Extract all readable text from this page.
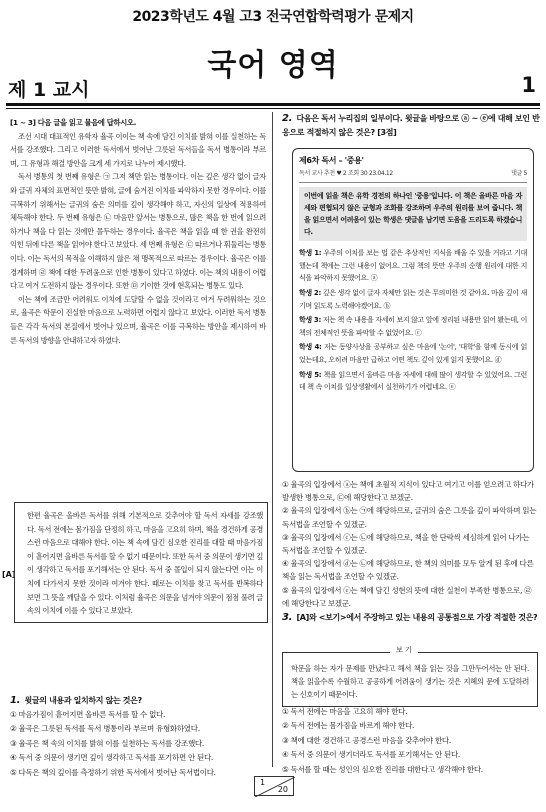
2023학년도 4월 고3 전국연합학력평가 문제지
국어 영역
제 1 교시	1

[1 ~ 3] 다음 글을 읽고 물음에 답하시오.

조선 시대 대표적인 유학자 율곡 이이는 책 속에 담긴 이치를 밝혀 이를 실천하는 독서를 강조했다. 그리고 이러한 독서에서 벗어난 그릇된 독서들을 독서 병통이라 부르며, 그 유형과 해결 방안을 크게 세 가지로 나누어 제시했다.

독서 병통의 첫 번째 유형은 ㉠ 그저 책만 읽는 병통이다. 이는 깊은 생각 없이 글자와 글귀 자체의 표면적인 뜻만 밝혀, 글에 숨겨진 이치를 파악하지 못한 경우이다. 이를 극복하기 위해서는 글귀의 숨은 의미를 깊이 생각해야 하고, 자신의 일상에 적용하여 체득해야 한다. 두 번째 유형은 ㉡ 마음만 앞서는 병통으로, 많은 책을 한 번에 읽으려 하거나 책을 다 읽는 것에만 몰두하는 경우이다. 율곡은 책을 읽을 때 한 권을 완전히 익힌 뒤에 다른 책을 읽어야 한다고 보았다. 세 번째 유형은 ㉢ 따르거나 휘둘리는 병통이다. 이는 독서의 목적을 이해하지 않은 채 맹목적으로 따르는 경우이다. 율곡은 이를 경계하며 ㉣ 책에 대한 두려움으로 인한 병통이 있다고 하였다. 이는 책의 내용이 어렵다고 여겨 도전하지 않는 경우이다. 또한 ㉤ 기이한 것에 현혹되는 병통도 있다.

이는 책에 조금만 어려워도 이치에 도달할 수 없을 것이라고 여겨 두려워하는 것으로, 율곡은 학문이 진실한 마음으로 노력하면 어렵지 않다고 보았다. 이러한 독서 병통들은 각각 독서의 본질에서 벗어나 있으며, 율곡은 이를 극복하는 방안을 제시하여 바른 독서의 방향을 안내하고자 하였다.

[A]
한편 율곡은 올바른 독서를 위해 기본적으로 갖추어야 할 독서 자세를 강조했다. 독서 전에는 몸가짐을 단정히 하고, 마음을 고요히 하며, 책을 경건하게 공경스런 마음으로 대해야 한다. 이는 책 속에 담긴 심오한 진리를 대할 때 마음가짐이 흩어지면 올바른 독서를 할 수 없기 때문이다. 또한 독서 중 의문이 생기면 깊이 생각하고 독서를 포기해서는 안 된다. 독서 중 몰입이 되지 않는다면 이는 이치에 다가서지 못한 것이라 여겨야 한다. 때로는 이치를 찾고 독서를 반복하다 보면 그 뜻을 깨달을 수 있다. 이처럼 율곡은 의문을 넘겨야 의문이 점점 풀려 글 속의 이치에 이를 수 있다고 보았다.
1. 윗글의 내용과 일치하지 않는 것은?
① 마음가짐이 흩어지면 올바른 독서를 할 수 없다.
② 율곡은 그릇된 독서를 독서 병통이라 부르며 유형화하였다.
③ 율곡은 책 속의 이치를 밝혀 이를 실천하는 독서를 강조했다.
④ 독서 중 의문이 생기면 깊이 생각하고 독서를 포기하면 안 된다.
⑤ 다독은 책의 깊이를 측정하기 위한 독서에서 벗어난 독서법이다.
2. 다음은 독서 누리집의 일부이다. 윗글을 바탕으로 ⓐ ~ ⓔ에 대해 보인 반응으로 적절하지 않은 것은? [3점]
제6차 독서 – '중용'
독서 교사 추천 ♥ 2 조회 30 23.04.12	댓글 5
이번에 읽을 책은 유학 경전의 하나인 '중용'입니다. 이 책은 올바른 마음 자세와 편협되지 않은 균형과 조화를 강조하며 우주의 원리를 보여 줍니다. 책을 읽으면서 어려움이 있는 학생은 댓글을 남기면 도움을 드리도록 하겠습니다.
학생 1: 우주의 이치를 보는 법 같은 추상적인 지식을 배울 수 있을 거라고 기대했는데 책에는 그런 내용이 없어요. 그럼 책의 뜻만 우주의 순행 원리에 대한 지식을 파악하지 못했어요. ⓐ
학생 2: 깊은 생각 없이 글자 자체만 읽는 것은 무의미한 것 같아요. 마음 깊이 새기며 읽도록 노력해야겠어요. ⓑ
학생 3: 저는 책 속 내용을 자세히 보지 않고 앞에 정리된 내용만 읽어 봤는데, 이 책의 전체적인 뜻을 파악할 수 없었어요. ⓒ
학생 4: 저는 동양사상을 공부하고 싶은 마음에 '논어', '대학'을 함께 동시에 읽었는데요, 오히려 마음만 급하고 어떤 책도 깊이 있게 읽지 못했어요. ⓓ
학생 5: 책을 읽으면서 올바른 마음 자세에 대해 많이 생각할 수 있었어요. 그런데 책 속 이치를 일상생활에서 실천하기가 어렵네요. ⓔ
① 율곡의 입장에서 ⓐ는 책에 초월적 지식이 있다고 여기고 이를 얻으려고 하다가 발생한 병통으로, ㉢에 해당한다고 보겠군.
② 율곡의 입장에서 ⓑ는 ㉠에 해당하므로, 글귀의 숨은 그릇을 깊이 파악하며 읽는 독서법을 조언할 수 있겠군.
③ 율곡의 입장에서 ⓒ는 ㉡에 해당하므로, 책을 한 단락씩 세심하게 읽어 나가는 독서법을 조언할 수 있겠군.
④ 율곡의 입장에서 ⓓ는 ㉡에 해당하므로, 한 책의 의미를 모두 알게 된 후에 다른 책을 읽는 독서법을 조언할 수 있겠군.
⑤ 율곡의 입장에서 ⓔ는 책에 담긴 성현의 뜻에 대한 실천이 부족한 병통으로, ㉣에 해당한다고 보겠군.
3. [A]와 <보기>에서 주장하고 있는 내용의 공통점으로 가장 적절한 것은?
학문을 하는 자가 문제를 만났다고 해서 책을 읽는 것을 그만두어서는 안 된다. 책을 읽을수록 수월하고 공공하게 어려움이 생기는 것은 지혜의 문에 도달하려는 신호이기 때문이다.
보 기
① 독서 전에는 마음을 고요히 해야 한다.
② 독서 전에는 몸가짐을 바르게 해야 한다.
③ 책에 대한 경건하고 공경스런 마음을 갖추어야 한다.
④ 독서 중 의문이 생기더라도 독서를 포기해서는 안 된다.
⑤ 독서를 할 때는 성인의 심오한 진리를 대한다고 생각해야 한다.
1
20
